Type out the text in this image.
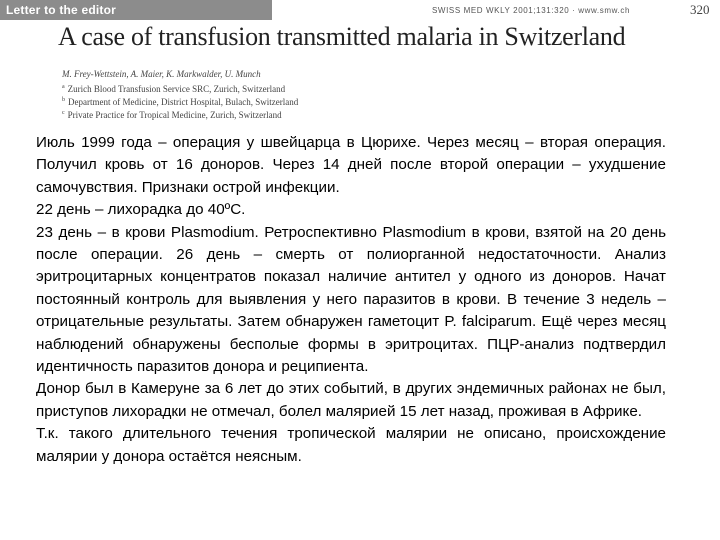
Letter to the editor	SWISS MED WKLY 2001;131:320 · www.smw.ch	320
A case of transfusion transmitted malaria in Switzerland
M. Frey-Wettstein, A. Maier, K. Markwalder, U. Munch
$^a$ Zurich Blood Transfusion Service SRC, Zurich, Switzerland
$^b$ Department of Medicine, District Hospital, Bulach, Switzerland
$^c$ Private Practice for Tropical Medicine, Zurich, Switzerland

Июль 1999 года – операция у швейцарца в Цюрихе. Через месяц – вторая операция. Получил кровь от 16 доноров. Через 14 дней после второй операции – ухудшение самочувствия. Признаки острой инфекции.

22 день – лихорадка до 40ºС.

23 день – в крови Plasmodium. Ретроспективно Plasmodium в крови, взятой на 20 день после операции. 26 день – смерть от полиорганной недостаточности. Анализ эритроцитарных концентратов показал наличие антител у одного из доноров. Начат постоянный контроль для выявления у него паразитов в крови. В течение 3 недель – отрицательные результаты. Затем обнаружен гаметоцит P. falciparum. Ещё через месяц наблюдений обнаружены бесполые формы в эритроцитах. ПЦР-анализ подтвердил идентичность паразитов донора и реципиента.

Донор был в Камеруне за 6 лет до этих событий, в других эндемичных районах не был, приступов лихорадки не отмечал, болел малярией 15 лет назад, проживая в Африке.

Т.к. такого длительного течения тропической малярии не описано, происхождение малярии у донора остаётся неясным.
